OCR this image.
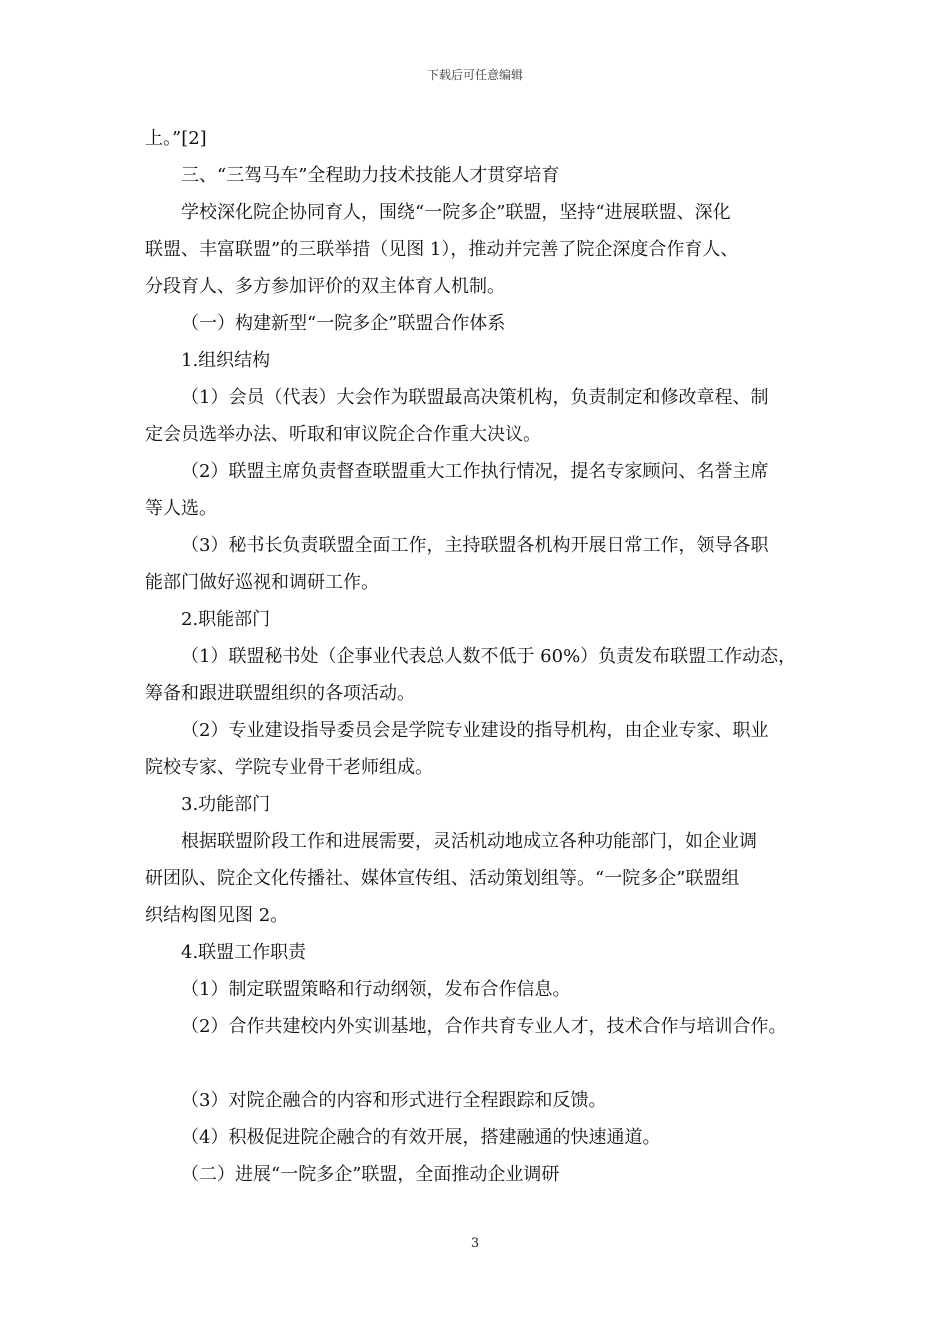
下载后可任意编辑

上。”[2]

三、“三驾马车”全程助力技术技能人才贯穿培育

学校深化院企协同育人，围绕“一院多企”联盟，坚持“进展联盟、深化

联盟、丰富联盟”的三联举措（见图 1），推动并完善了院企深度合作育人、

分段育人、多方参加评价的双主体育人机制。

（一）构建新型“一院多企”联盟合作体系

1.组织结构

（1）会员（代表）大会作为联盟最高决策机构，负责制定和修改章程、制

定会员选举办法、听取和审议院企合作重大决议。

（2）联盟主席负责督查联盟重大工作执行情况，提名专家顾问、名誉主席

等人选。

（3）秘书长负责联盟全面工作，主持联盟各机构开展日常工作，领导各职

能部门做好巡视和调研工作。

2.职能部门

（1）联盟秘书处（企事业代表总人数不低于 60%）负责发布联盟工作动态，

筹备和跟进联盟组织的各项活动。

（2）专业建设指导委员会是学院专业建设的指导机构，由企业专家、职业

院校专家、学院专业骨干老师组成。

3.功能部门

根据联盟阶段工作和进展需要，灵活机动地成立各种功能部门，如企业调

研团队、院企文化传播社、媒体宣传组、活动策划组等。“一院多企”联盟组

织结构图见图 2。

4.联盟工作职责

（1）制定联盟策略和行动纲领，发布合作信息。

（2）合作共建校内外实训基地，合作共育专业人才，技术合作与培训合作。

（3）对院企融合的内容和形式进行全程跟踪和反馈。

（4）积极促进院企融合的有效开展，搭建融通的快速通道。

（二）进展“一院多企”联盟，全面推动企业调研

3
